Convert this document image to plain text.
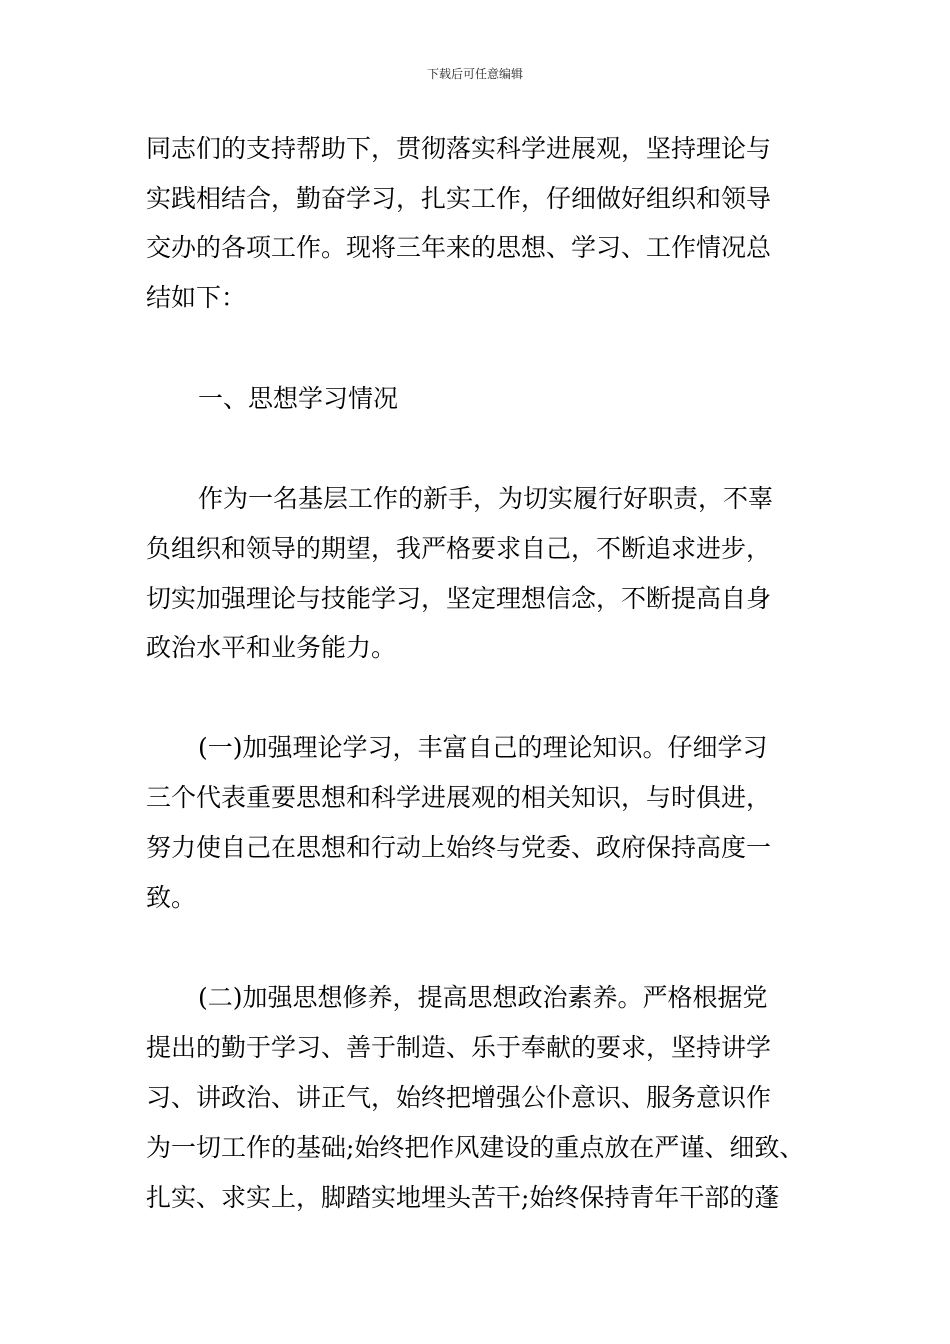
下载后可任意编辑
同志们的支持帮助下，贯彻落实科学进展观，坚持理论与
实践相结合，勤奋学习，扎实工作，仔细做好组织和领导
交办的各项工作。现将三年来的思想、学习、工作情况总
结如下：
一、思想学习情况
作为一名基层工作的新手，为切实履行好职责，不辜
负组织和领导的期望，我严格要求自己，不断追求进步，
切实加强理论与技能学习，坚定理想信念，不断提高自身
政治水平和业务能力。
(一)加强理论学习，丰富自己的理论知识。仔细学习
三个代表重要思想和科学进展观的相关知识，与时俱进，
努力使自己在思想和行动上始终与党委、政府保持高度一
致。
(二)加强思想修养，提高思想政治素养。严格根据党
提出的勤于学习、善于制造、乐于奉献的要求，坚持讲学
习、讲政治、讲正气，始终把增强公仆意识、服务意识作
为一切工作的基础;始终把作风建设的重点放在严谨、细致、
扎实、求实上，脚踏实地埋头苦干;始终保持青年干部的蓬
